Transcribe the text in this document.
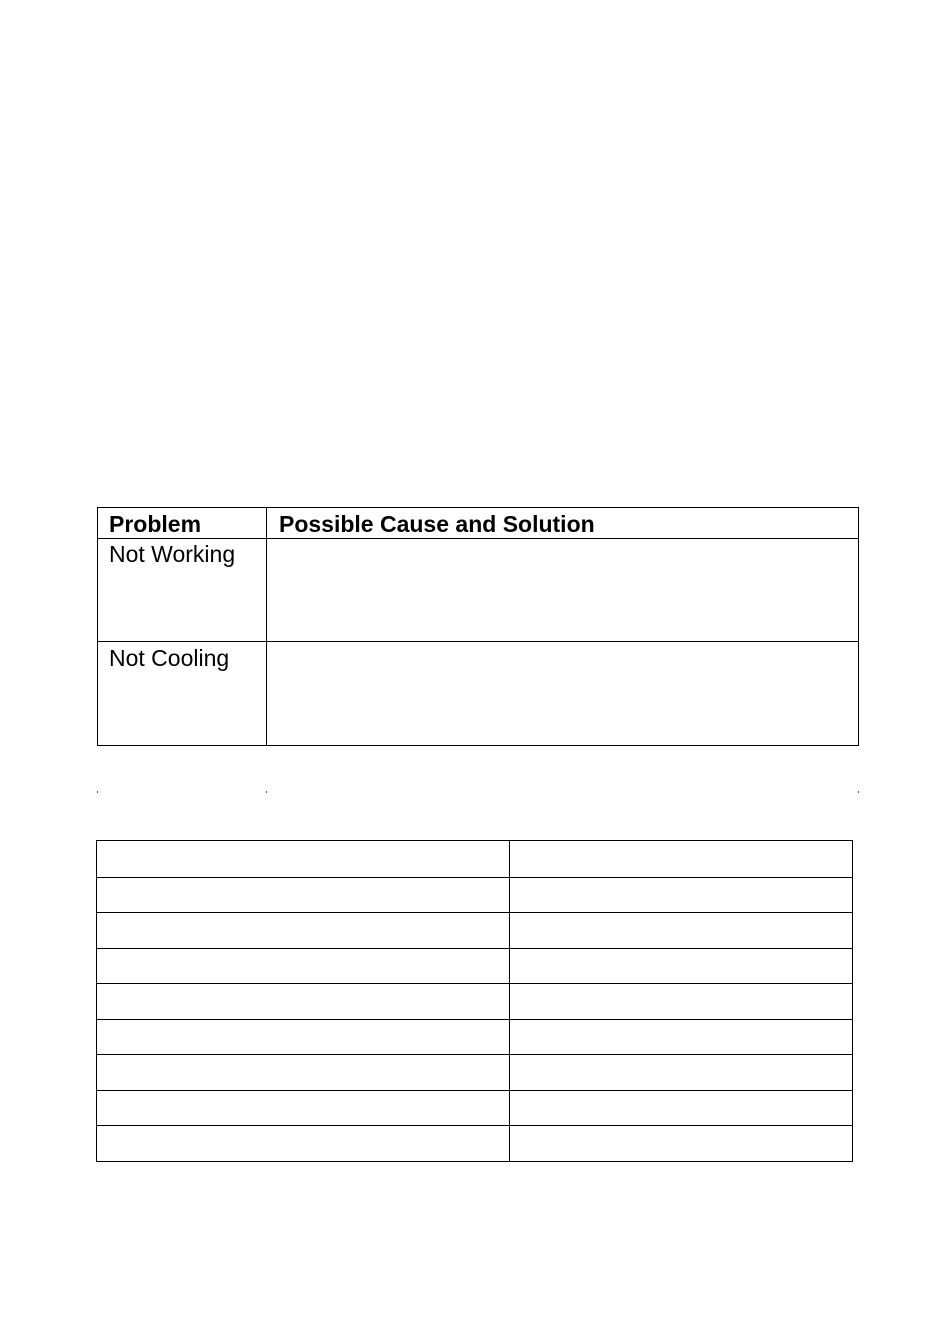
Problem	Possible Cause and Solution
Not Working
Not Cooling
